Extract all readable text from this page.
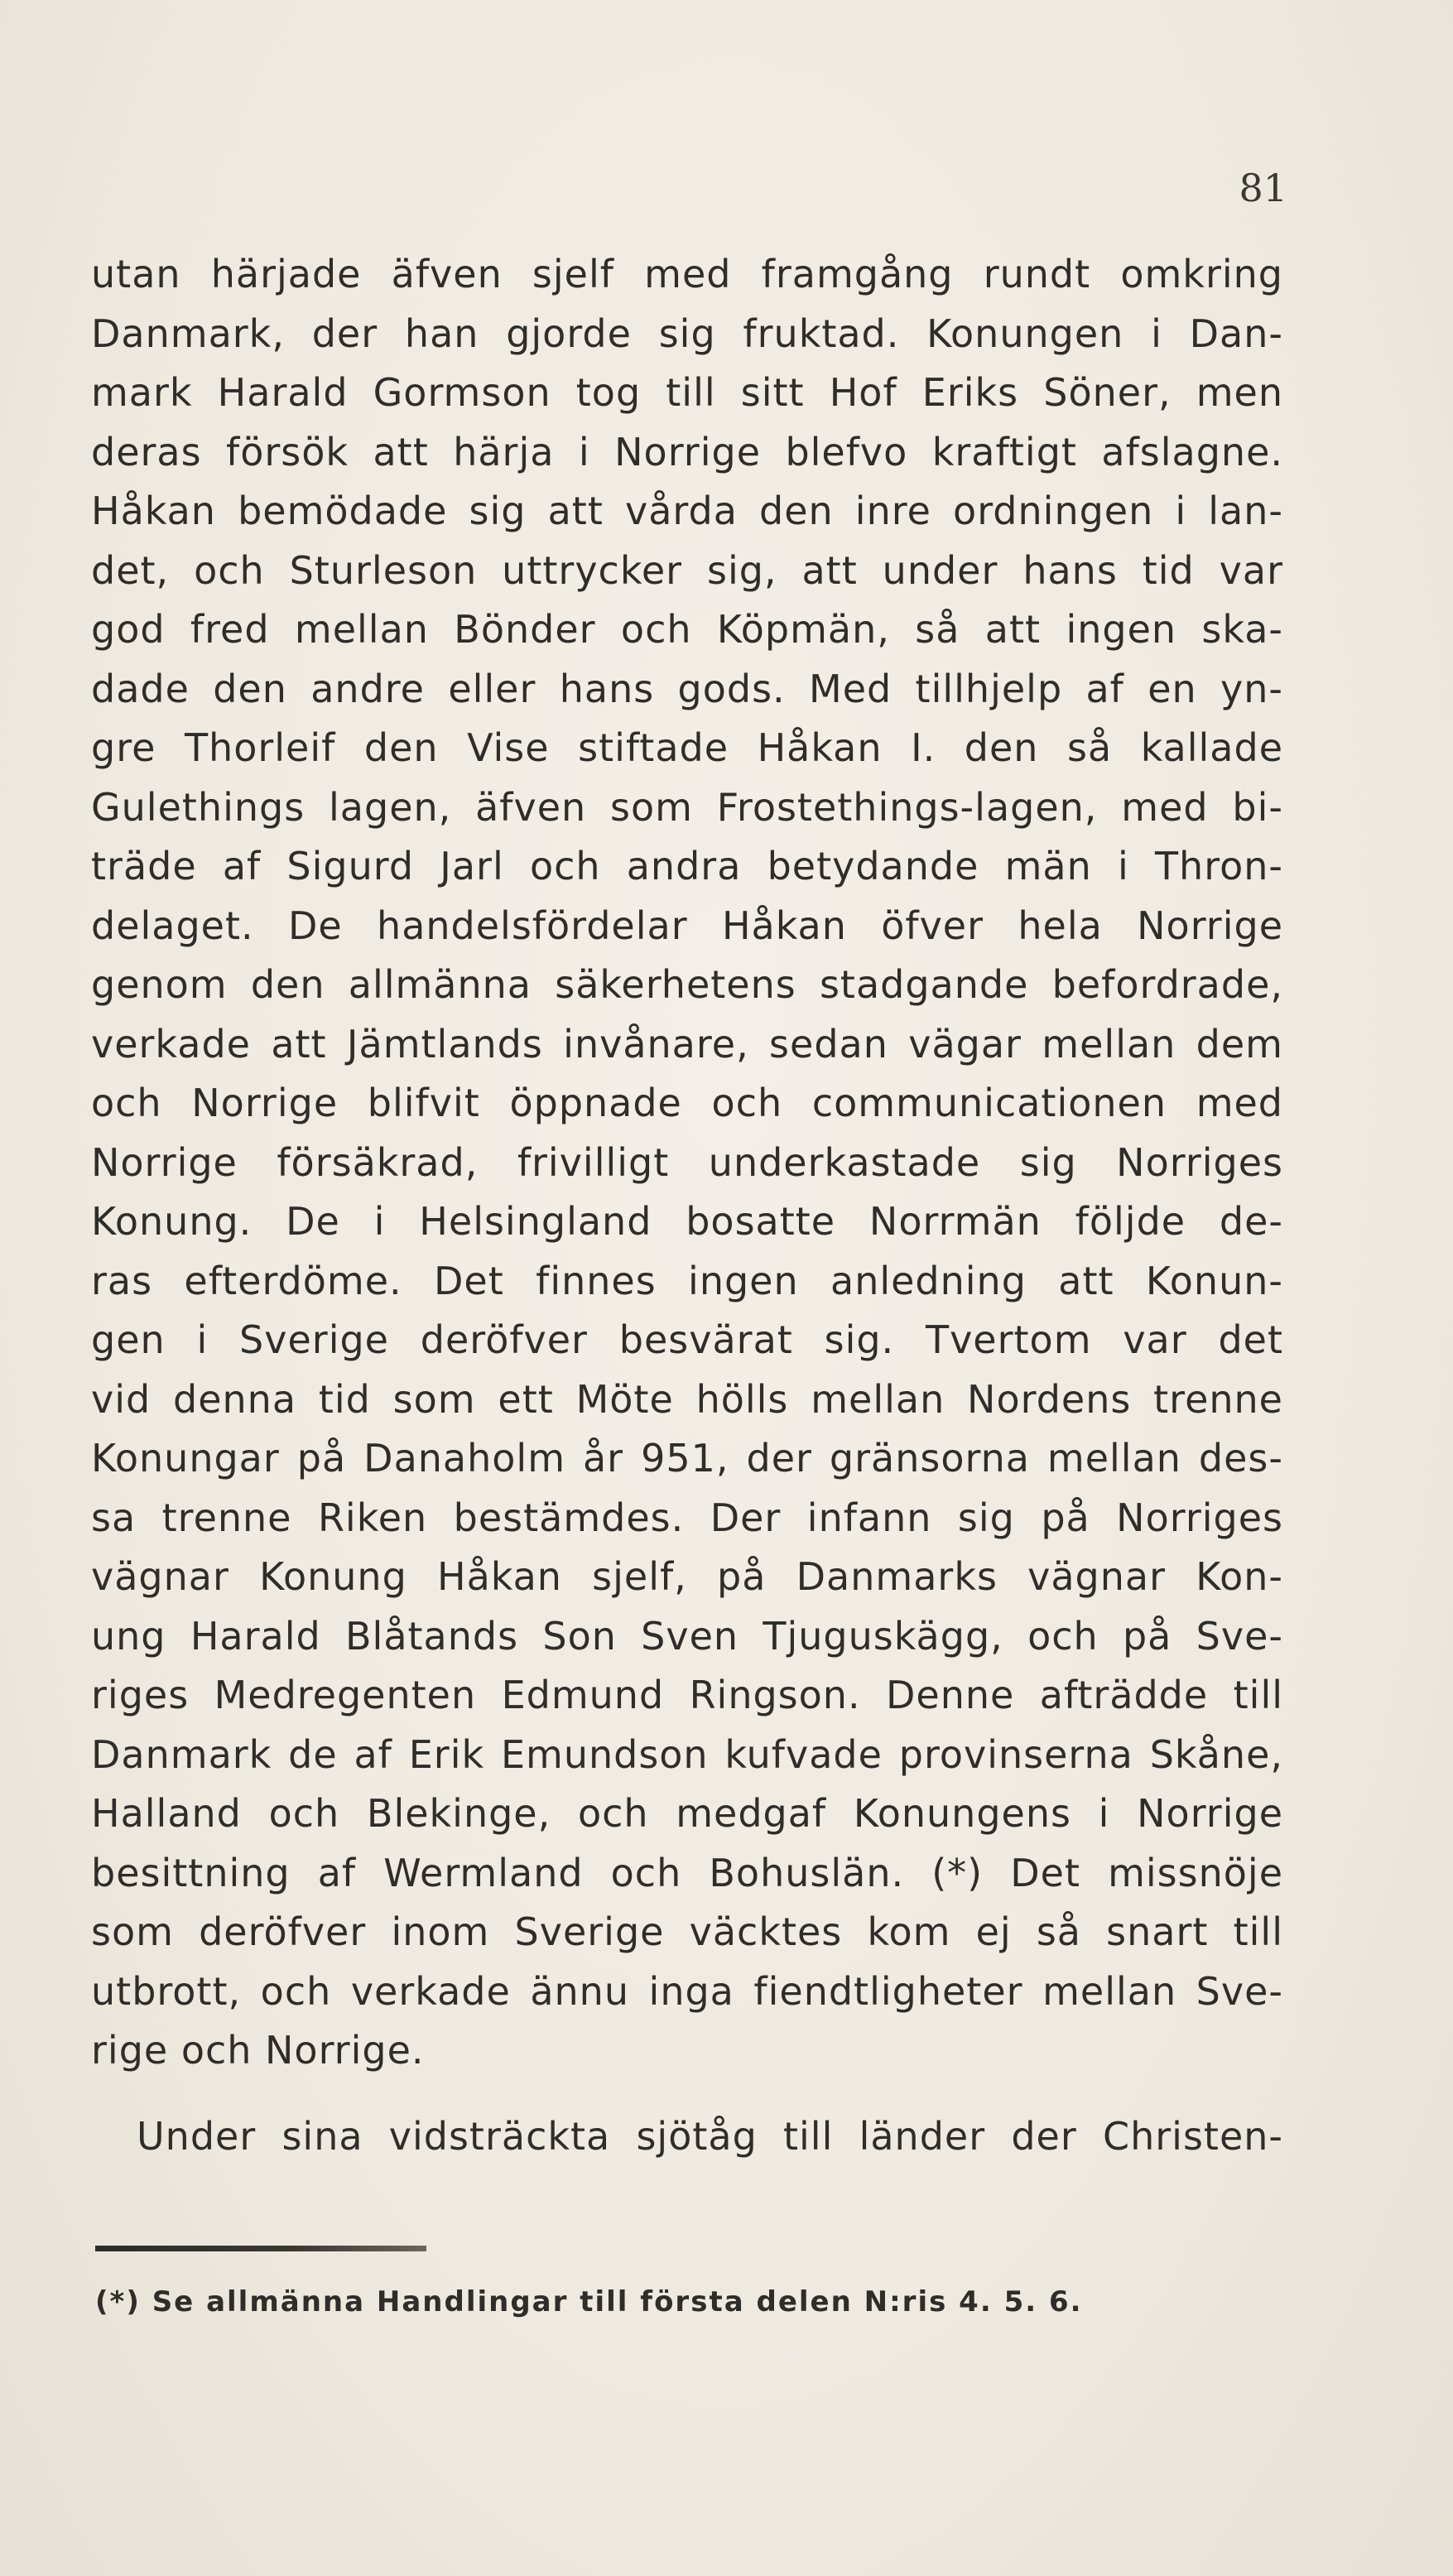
81
utan härjade äfven sjelf med framgång rundt omkring
Danmark, der han gjorde sig fruktad. Konungen i Dan-
mark Harald Gormson tog till sitt Hof Eriks Söner, men
deras försök att härja i Norrige blefvo kraftigt afslagne.
Håkan bemödade sig att vårda den inre ordningen i lan-
det, och Sturleson uttrycker sig, att under hans tid var
god fred mellan Bönder och Köpmän, så att ingen ska-
dade den andre eller hans gods. Med tillhjelp af en yn-
gre Thorleif den Vise stiftade Håkan I. den så kallade
Gulethings lagen, äfven som Frostethings-lagen, med bi-
träde af Sigurd Jarl och andra betydande män i Thron-
delaget. De handelsfördelar Håkan öfver hela Norrige
genom den allmänna säkerhetens stadgande befordrade,
verkade att Jämtlands invånare, sedan vägar mellan dem
och Norrige blifvit öppnade och communicationen med
Norrige försäkrad, frivilligt underkastade sig Norriges
Konung. De i Helsingland bosatte Norrmän följde de-
ras efterdöme. Det finnes ingen anledning att Konun-
gen i Sverige deröfver besvärat sig. Tvertom var det
vid denna tid som ett Möte hölls mellan Nordens trenne
Konungar på Danaholm år 951, der gränsorna mellan des-
sa trenne Riken bestämdes. Der infann sig på Norriges
vägnar Konung Håkan sjelf, på Danmarks vägnar Kon-
ung Harald Blåtands Son Sven Tjuguskägg, och på Sve-
riges Medregenten Edmund Ringson. Denne afträdde till
Danmark de af Erik Emundson kufvade provinserna Skåne,
Halland och Blekinge, och medgaf Konungens i Norrige
besittning af Wermland och Bohuslän. (*) Det missnöje
som deröfver inom Sverige väcktes kom ej så snart till
utbrott, och verkade ännu inga fiendtligheter mellan Sve-
rige och Norrige.
Under sina vidsträckta sjötåg till länder der Christen-
(*) Se allmänna Handlingar till första delen N:ris 4. 5. 6.
